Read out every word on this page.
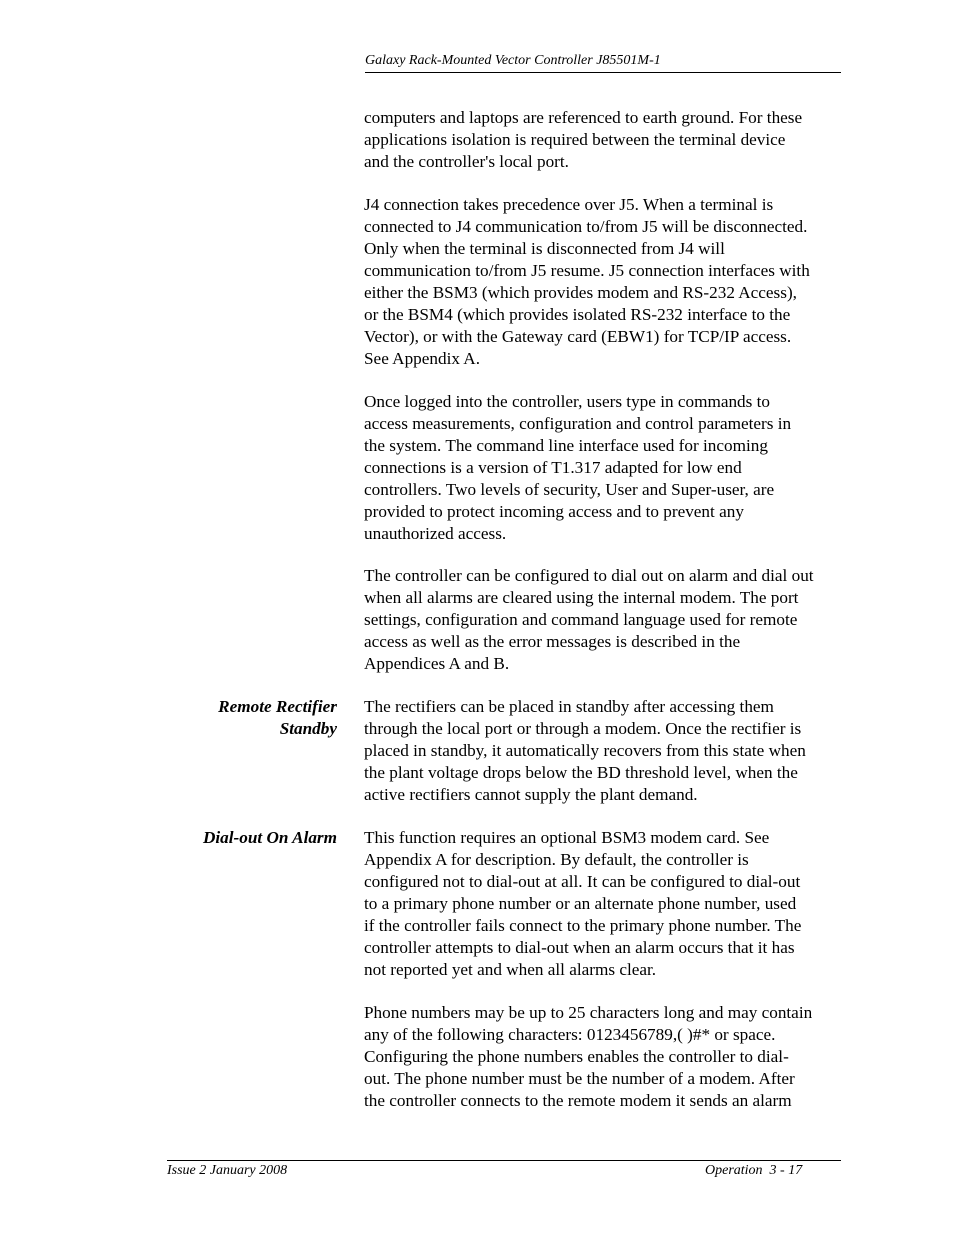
Galaxy Rack-Mounted Vector Controller J85501M-1
computers and laptops are referenced to earth ground. For these
applications isolation is required between the terminal device
and the controller's local port.
J4 connection takes precedence over J5. When a terminal is
connected to J4 communication to/from J5 will be disconnected.
Only when the terminal is disconnected from J4 will
communication to/from J5 resume. J5 connection interfaces with
either the BSM3 (which provides modem and RS-232 Access),
or the BSM4 (which provides isolated RS-232 interface to the
Vector), or with the Gateway card (EBW1) for TCP/IP access.
See Appendix A.
Once logged into the controller, users type in commands to
access measurements, configuration and control parameters in
the system. The command line interface used for incoming
connections is a version of T1.317 adapted for low end
controllers. Two levels of security, User and Super-user, are
provided to protect incoming access and to prevent any
unauthorized access.
The controller can be configured to dial out on alarm and dial out
when all alarms are cleared using the internal modem. The port
settings, configuration and command language used for remote
access as well as the error messages is described in the
Appendices A and B.
Remote Rectifier
Standby
The rectifiers can be placed in standby after accessing them
through the local port or through a modem. Once the rectifier is
placed in standby, it automatically recovers from this state when
the plant voltage drops below the BD threshold level, when the
active rectifiers cannot supply the plant demand.
Dial-out On Alarm This function requires an optional BSM3 modem card. See
Appendix A for description. By default, the controller is
configured not to dial-out at all. It can be configured to dial-out
to a primary phone number or an alternate phone number, used
if the controller fails connect to the primary phone number. The
controller attempts to dial-out when an alarm occurs that it has
not reported yet and when all alarms clear.
Phone numbers may be up to 25 characters long and may contain
any of the following characters: 0123456789,( )#* or space.
Configuring the phone numbers enables the controller to dial-
out. The phone number must be the number of a modem. After
the controller connects to the remote modem it sends an alarm
Issue 2 January 2008	Operation  3 - 17
